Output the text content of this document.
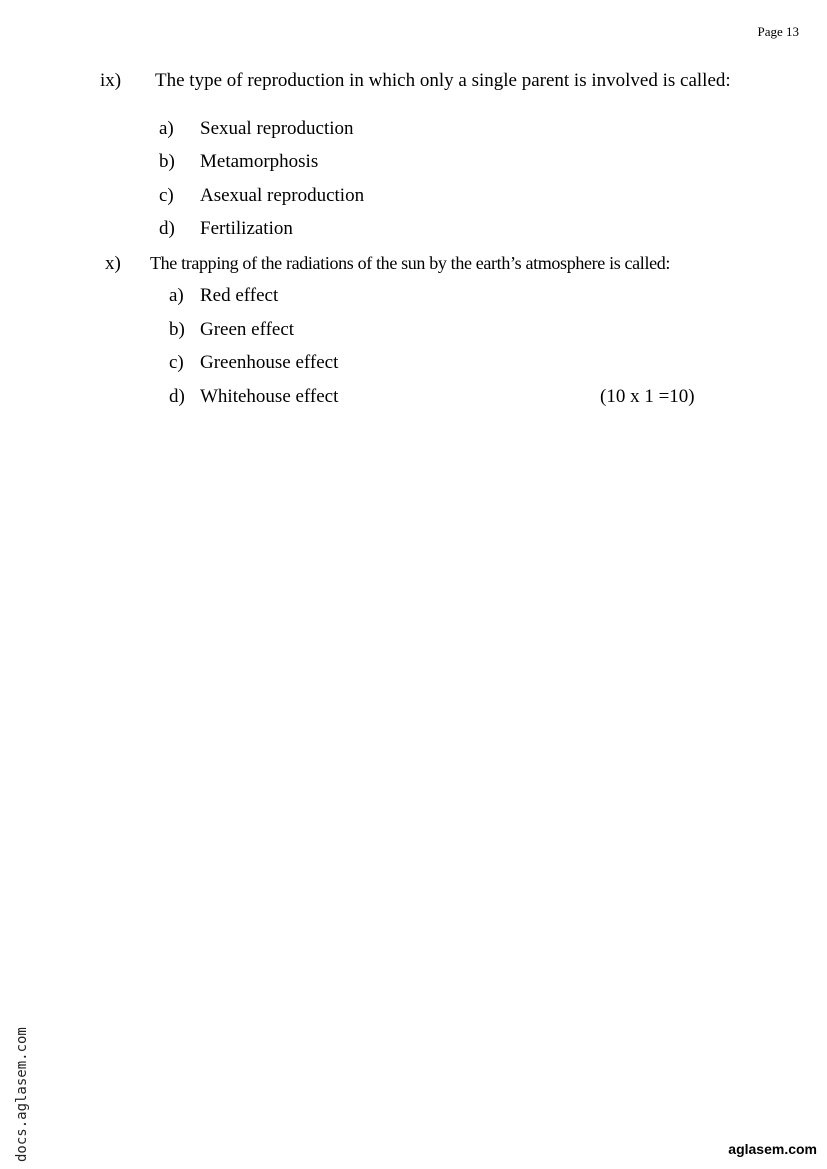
Page 13
ix) The type of reproduction in which only a single parent is involved is called:
a) Sexual reproduction
b) Metamorphosis
c) Asexual reproduction
d) Fertilization
x) The trapping of the radiations of the sun by the earth’s atmosphere is called:
a) Red effect
b) Green effect
c) Greenhouse effect
d) Whitehouse effect	(10 x 1 =10)
docs.aglasem.com	aglasem.com
